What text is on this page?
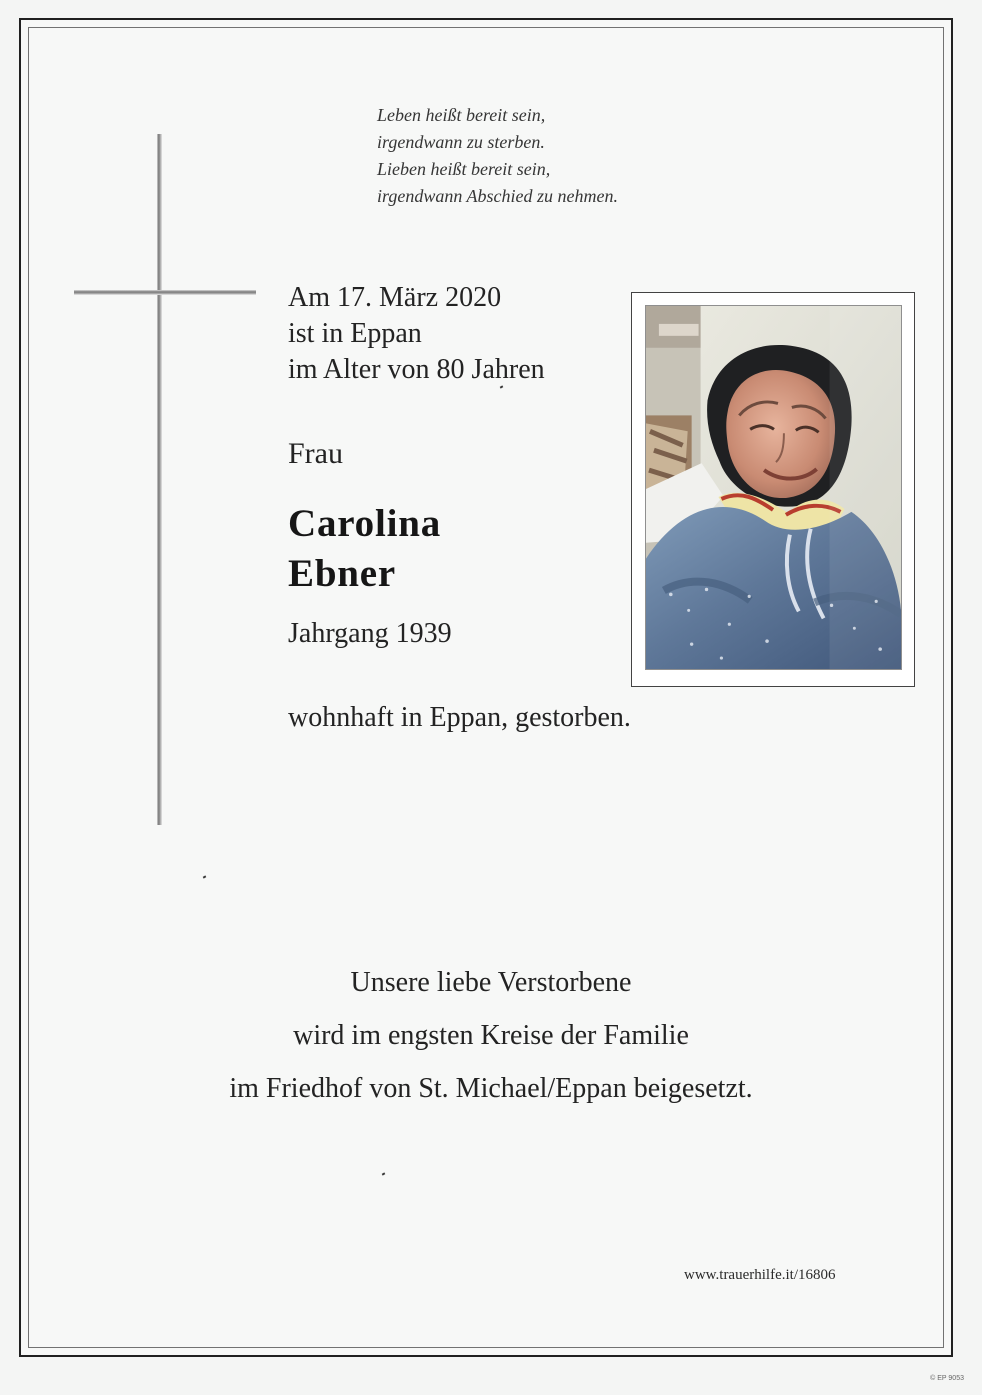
Leben heißt bereit sein,
irgendwann zu sterben.
Lieben heißt bereit sein,
irgendwann Abschied zu nehmen.
Am 17. März 2020
ist in Eppan
im Alter von 80 Jahren
Frau
Carolina
Ebner
Jahrgang 1939
wohnhaft in Eppan, gestorben.
Unsere liebe Verstorbene
wird im engsten Kreise der Familie
im Friedhof von St. Michael/Eppan beigesetzt.
www.trauerhilfe.it/16806
© EP 9053
